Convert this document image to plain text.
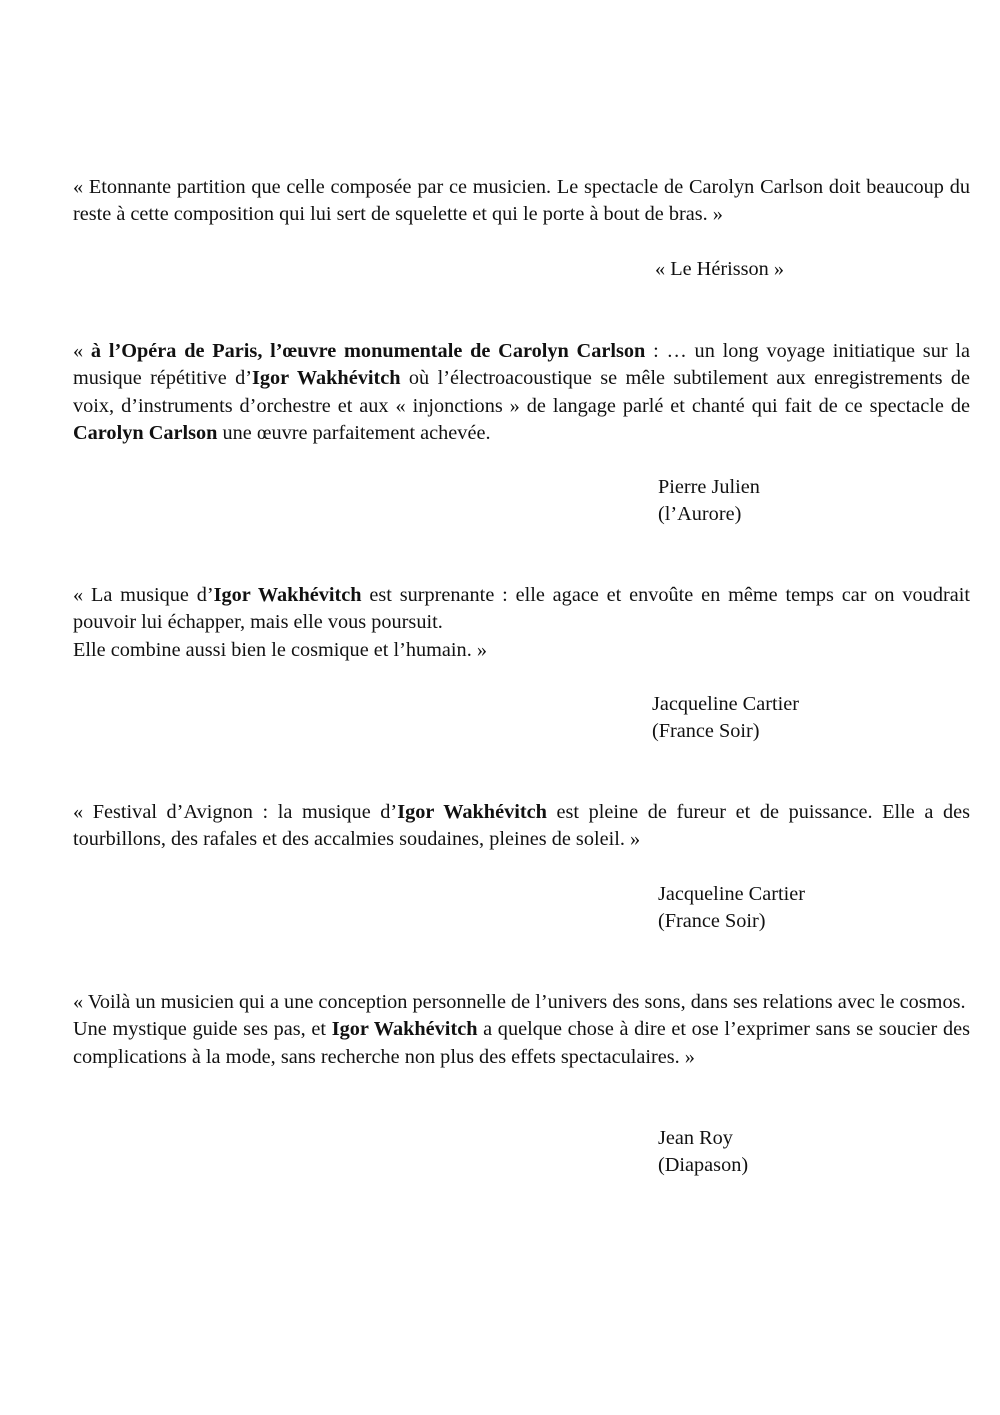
« Etonnante partition que celle composée par ce musicien. Le spectacle de Carolyn Carlson doit beaucoup du reste à cette composition qui lui sert de squelette et qui le porte à bout de bras. »

« Le Hérisson »

« à l’Opéra de Paris, l’œuvre monumentale de Carolyn Carlson : … un long voyage initiatique sur la musique répétitive d’Igor Wakhévitch où l’électroacoustique se mêle subtilement aux enregistrements de voix, d’instruments d’orchestre et aux « injonctions » de langage parlé et chanté qui fait de ce spectacle de Carolyn Carlson une œuvre parfaitement achevée.

Pierre Julien
(l’Aurore)

« La musique d’Igor Wakhévitch est surprenante : elle agace et envoûte en même temps car on voudrait pouvoir lui échapper, mais elle vous poursuit.

Elle combine aussi bien le cosmique et l’humain. »

Jacqueline Cartier
(France Soir)

« Festival d’Avignon : la musique d’Igor Wakhévitch est pleine de fureur et de puissance. Elle a des tourbillons, des rafales et des accalmies soudaines, pleines de soleil. »

Jacqueline Cartier
(France Soir)

« Voilà un musicien qui a une conception personnelle de l’univers des sons, dans ses relations avec le cosmos.

Une mystique guide ses pas, et Igor Wakhévitch a quelque chose à dire et ose l’exprimer sans se soucier des complications à la mode, sans recherche non plus des effets spectaculaires. »

Jean Roy
(Diapason)
